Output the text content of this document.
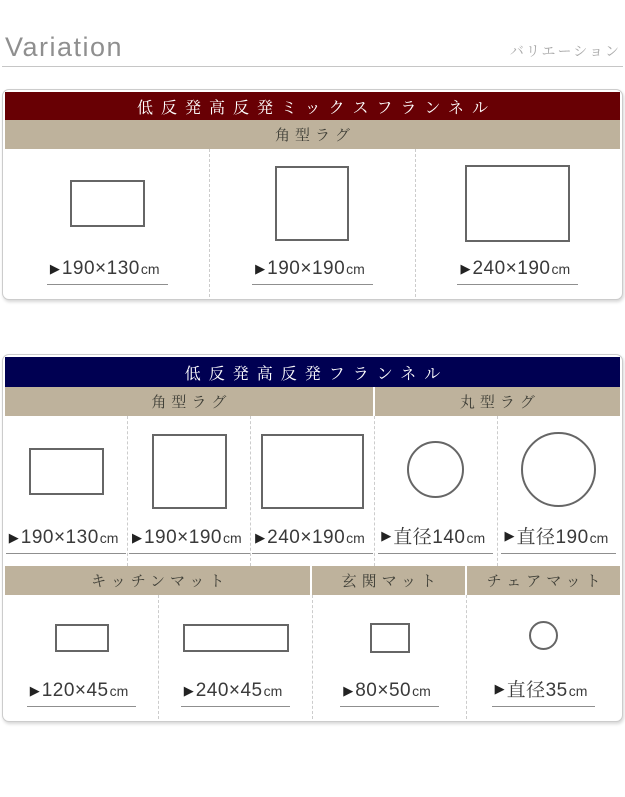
Variation	バリエーション
低反発高反発ミックスフランネル
角型ラグ
▶ 190×130 cm	▶ 190×190 cm	▶ 240×190 cm
低反発高反発フランネル
角型ラグ	丸型ラグ
▶ 190×130 cm ▶ 190×190 cm ▶ 240×190 cm ▶ 直径140 cm ▶ 直径190 cm
キッチンマット	玄関マット	チェアマット
▶ 120×45 cm	▶ 240×45 cm	▶ 80×50 cm	▶ 直径35 cm
